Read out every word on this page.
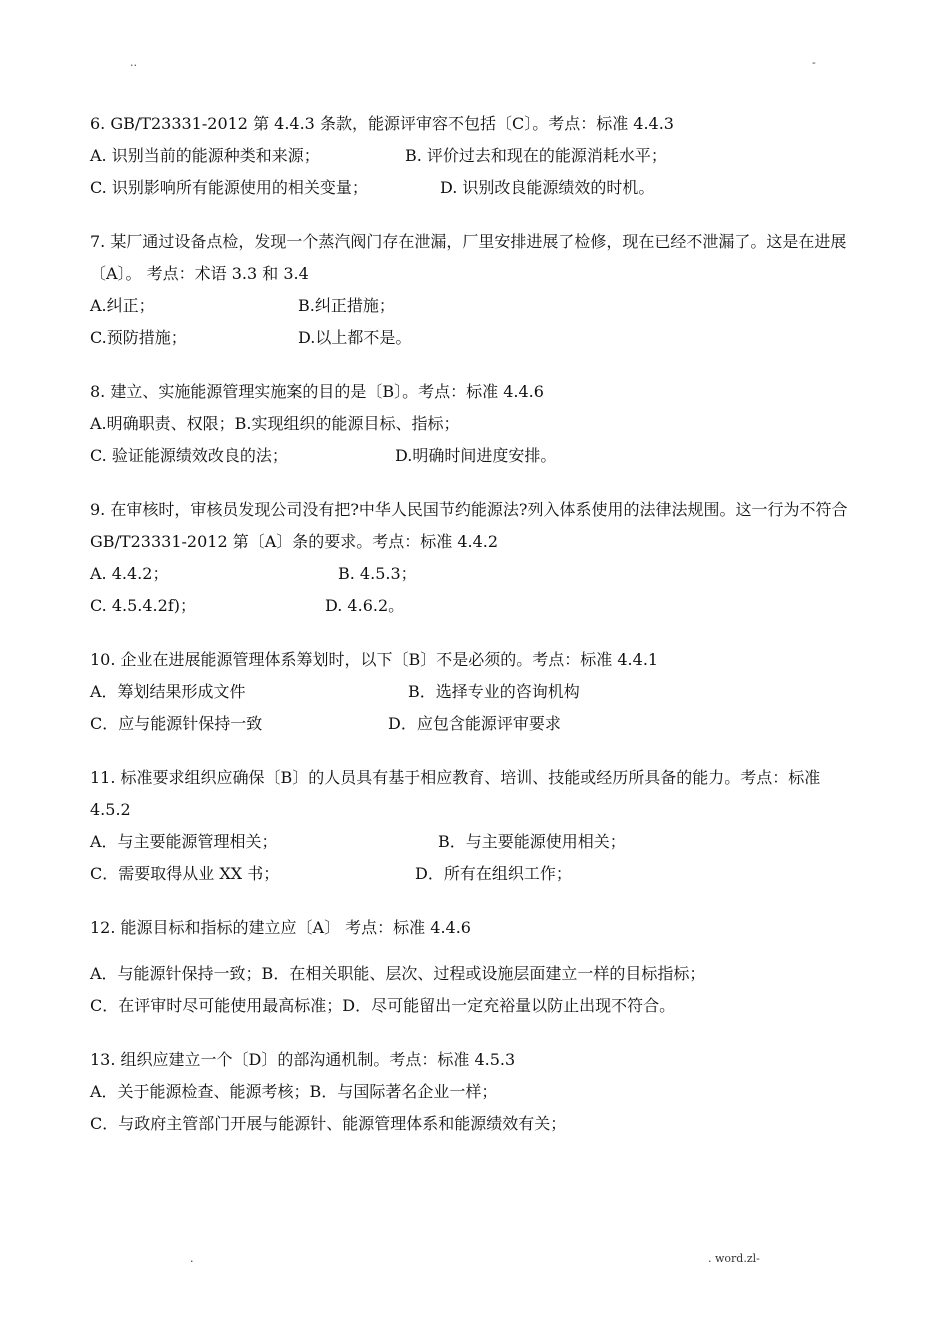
..	-
6. GB/T23331-2012 第 4.4.3 条款，能源评审容不包括〔C〕。考点：标准 4.4.3
A. 识别当前的能源种类和来源；	B. 评价过去和现在的能源消耗水平；
C. 识别影响所有能源使用的相关变量；	D. 识别改良能源绩效的时机。
7. 某厂通过设备点检，发现一个蒸汽阀门存在泄漏，厂里安排进展了检修，现在已经不泄漏了。这是在进展〔A〕。 考点：术语 3.3 和 3.4
A.纠正；	B.纠正措施；
C.预防措施；	D.以上都不是。
8. 建立、实施能源管理实施案的目的是〔B〕。考点：标准 4.4.6
A.明确职责、权限；B.实现组织的能源目标、指标；
C. 验证能源绩效改良的法；	D.明确时间进度安排。
9. 在审核时，审核员发现公司没有把?中华人民国节约能源法?列入体系使用的法律法规围。这一行为不符合 GB/T23331-2012 第〔A〕条的要求。考点：标准 4.4.2
A. 4.4.2；	B. 4.5.3；
C. 4.5.4.2f)；	D. 4.6.2。
10. 企业在进展能源管理体系筹划时，以下〔B〕不是必须的。考点：标准 4.4.1
A．筹划结果形成文件	B．选择专业的咨询机构
C．应与能源针保持一致	D．应包含能源评审要求
11. 标准要求组织应确保〔B〕的人员具有基于相应教育、培训、技能或经历所具备的能力。考点：标准 4.5.2
A．与主要能源管理相关；	B．与主要能源使用相关；
C．需要取得从业 XX 书；	D．所有在组织工作；
12. 能源目标和指标的建立应〔A〕 考点：标准 4.4.6
A．与能源针保持一致；B．在相关职能、层次、过程或设施层面建立一样的目标指标；
C．在评审时尽可能使用最高标准；D．尽可能留出一定充裕量以防止出现不符合。
13. 组织应建立一个〔D〕的部沟通机制。考点：标准 4.5.3
A．关于能源检查、能源考核；B．与国际著名企业一样；
C．与政府主管部门开展与能源针、能源管理体系和能源绩效有关；
.	. word.zl-
